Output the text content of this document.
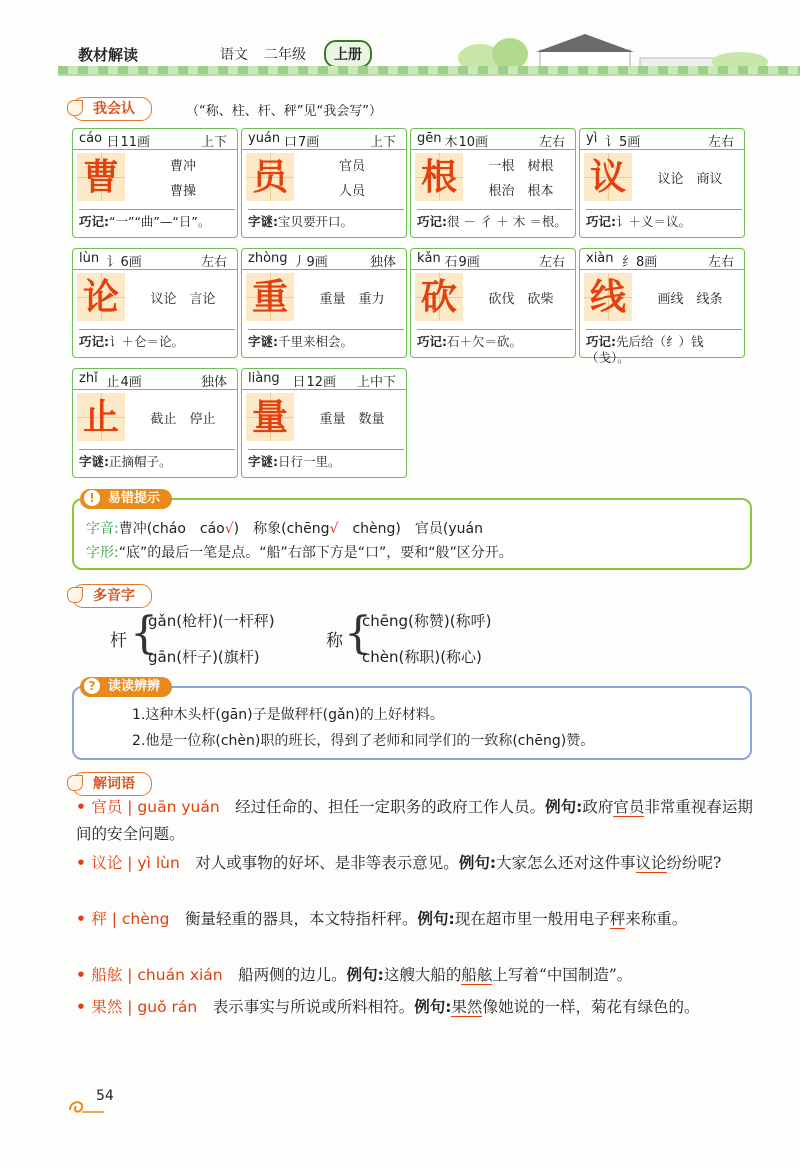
教材解读	语文 二年级	上册
我会认	（“称、柱、杆、秤”见“我会写”）
cáo 日 11画	上下
曹	曹冲
曹操
巧记:“一”“曲”—“日”。
yuán 口 7画	上下
员	官员
人员
字谜:宝贝要开口。
gēn 木 10画	左右
根	一根　树根
根治　根本
巧记:很 － 彳 ＋ 木 ＝根。
yì 讠 5画	左右
议	议论　商议
巧记:讠＋义＝议。
lùn 讠 6画	左右
论	议论　言论
巧记:讠＋仑＝论。
zhòng 丿 9画	独体
重	重量　重力
字谜:千里来相会。
kǎn 石 9画	左右
砍	砍伐　砍柴
巧记:石＋欠＝砍。
xiàn 纟 8画	左右
线	画线　线条
巧记:先后给（纟）钱（戋）。
zhǐ 止 4画	独体
止	截止　停止
字谜:正摘帽子。
liàng 日 12画 上中下
量	重量　数量
字谜:日行一里。
字音:曹冲(cháo　cáo√)　称象(chēng√　chèng)　官员(yuán
字形:“底”的最后一笔是点。“船”右部下方是“口”，要和“般”区分开。
!	易错提示
多音字
杆 {
gǎn(枪杆)(一杆秤)
gān(杆子)(旗杆)
称 {
chēng(称赞)(称呼)
chèn(称职)(称心)
1.这种木头杆(gān)子是做秤杆(gǎn)的上好材料。
2.他是一位称(chèn)职的班长，得到了老师和同学们的一致称(chēng)赞。
? 读读辨辨
解词语
• 官员 | guān yuán　 经过任命的、担任一定职务的政府工作人员。例句:政府官员非常重视春运期间的安全问题。
• 议论 | yì lùn　 对人或事物的好坏、是非等表示意见。例句:大家怎么还对这件事议论纷纷呢?
• 秤 | chèng　 衡量轻重的器具，本文特指杆秤。例句:现在超市里一般用电子秤来称重。
• 船舷 | chuán xián　 船两侧的边儿。例句:这艘大船的船舷上写着“中国制造”。
• 果然 | guǒ rán　 表示事实与所说或所料相符。例句:果然像她说的一样，菊花有绿色的。
54
